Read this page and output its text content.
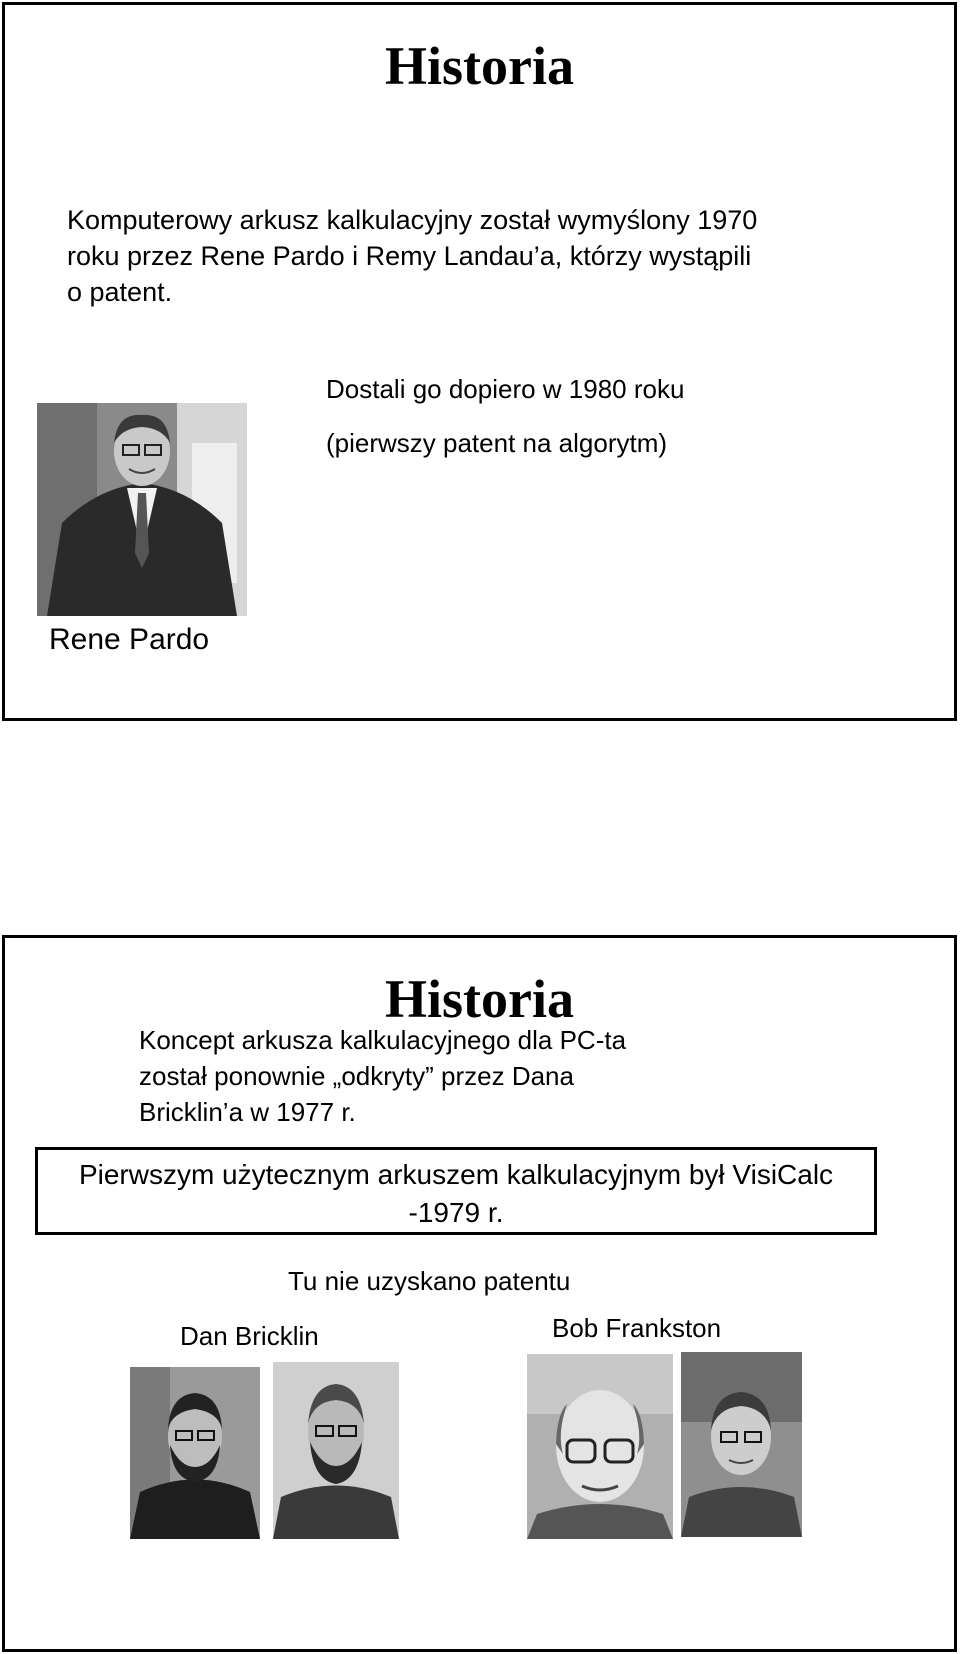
Historia

Komputerowy arkusz kalkulacyjny został wymyślony 1970

roku przez Rene Pardo i Remy Landau’a, którzy wystąpili

o patent.

Dostali go dopiero w 1980 roku

(pierwszy patent na algorytm)

Rene Pardo

Historia

Koncept arkusza kalkulacyjnego dla PC-ta

został ponownie „odkryty” przez Dana

Bricklin’a w 1977 r.

Pierwszym użytecznym arkuszem kalkulacyjnym był VisiCalc
-1979 r.

Tu nie uzyskano patentu

Dan Bricklin	Bob Frankston
